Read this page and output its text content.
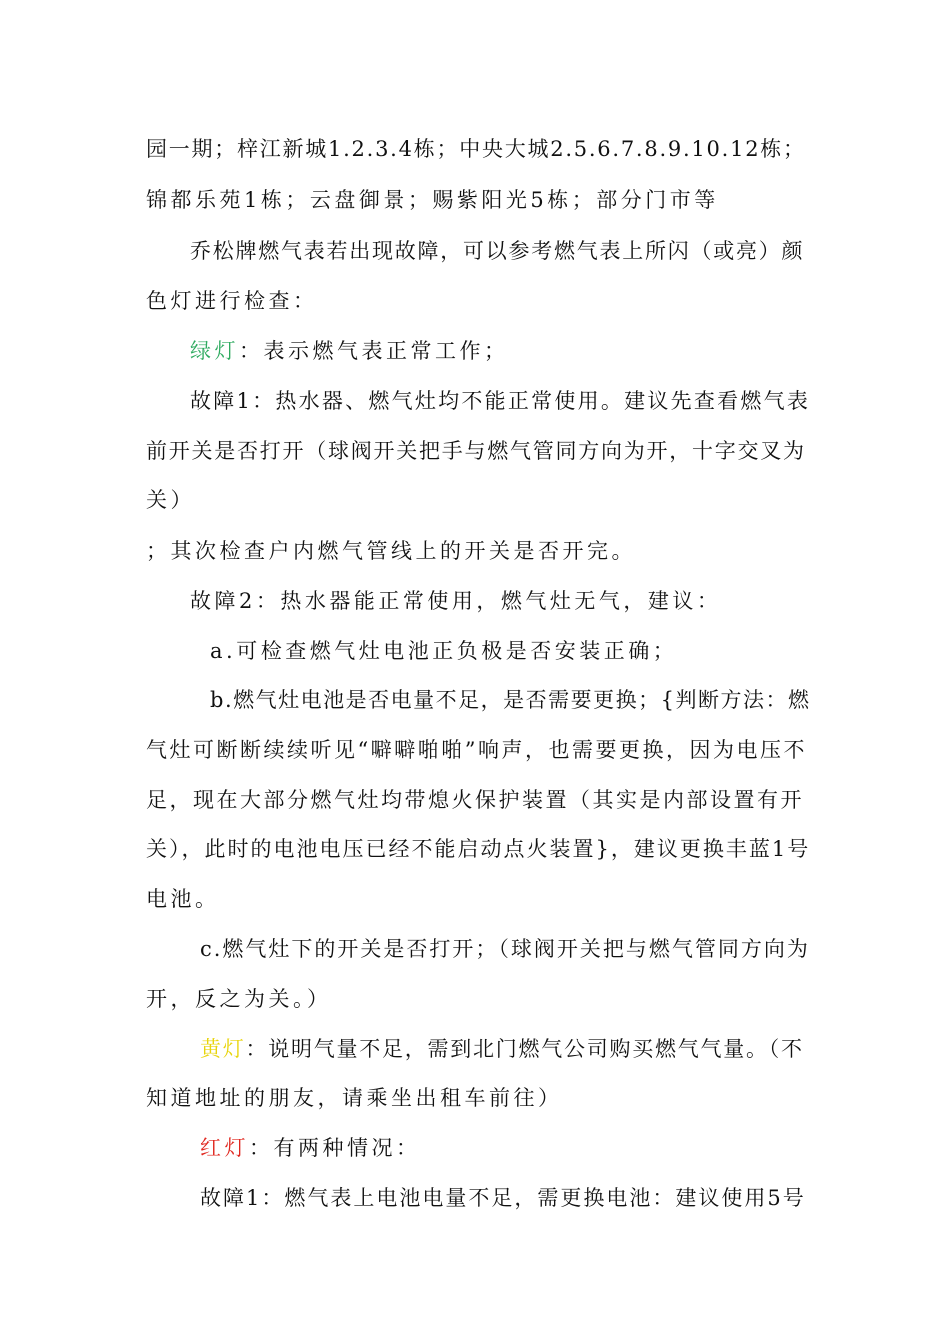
园一期；梓江新城1.2.3.4栋；中央大城2.5.6.7.8.9.10.12栋；
锦都乐苑1栋；云盘御景；赐紫阳光5栋；部分门市等
乔松牌燃气表若出现故障，可以参考燃气表上所闪（或亮）颜
色灯进行检查：
绿灯：表示燃气表正常工作；
故障1：热水器、燃气灶均不能正常使用。建议先查看燃气表
前开关是否打开（球阀开关把手与燃气管同方向为开，十字交叉为
关）
；其次检查户内燃气管线上的开关是否开完。
故障2：热水器能正常使用，燃气灶无气，建议：
a.可检查燃气灶电池正负极是否安装正确；
b.燃气灶电池是否电量不足，是否需要更换；{判断方法：燃
气灶可断断续续听见“噼噼啪啪”响声，也需要更换，因为电压不
足，现在大部分燃气灶均带熄火保护装置（其实是内部设置有开
关），此时的电池电压已经不能启动点火装置}，建议更换丰蓝1号
电池。
c.燃气灶下的开关是否打开；（球阀开关把与燃气管同方向为
开，反之为关。）
黄灯：说明气量不足，需到北门燃气公司购买燃气气量。（不
知道地址的朋友，请乘坐出租车前往）
红灯：有两种情况：
故障1：燃气表上电池电量不足，需更换电池：建议使用5号
